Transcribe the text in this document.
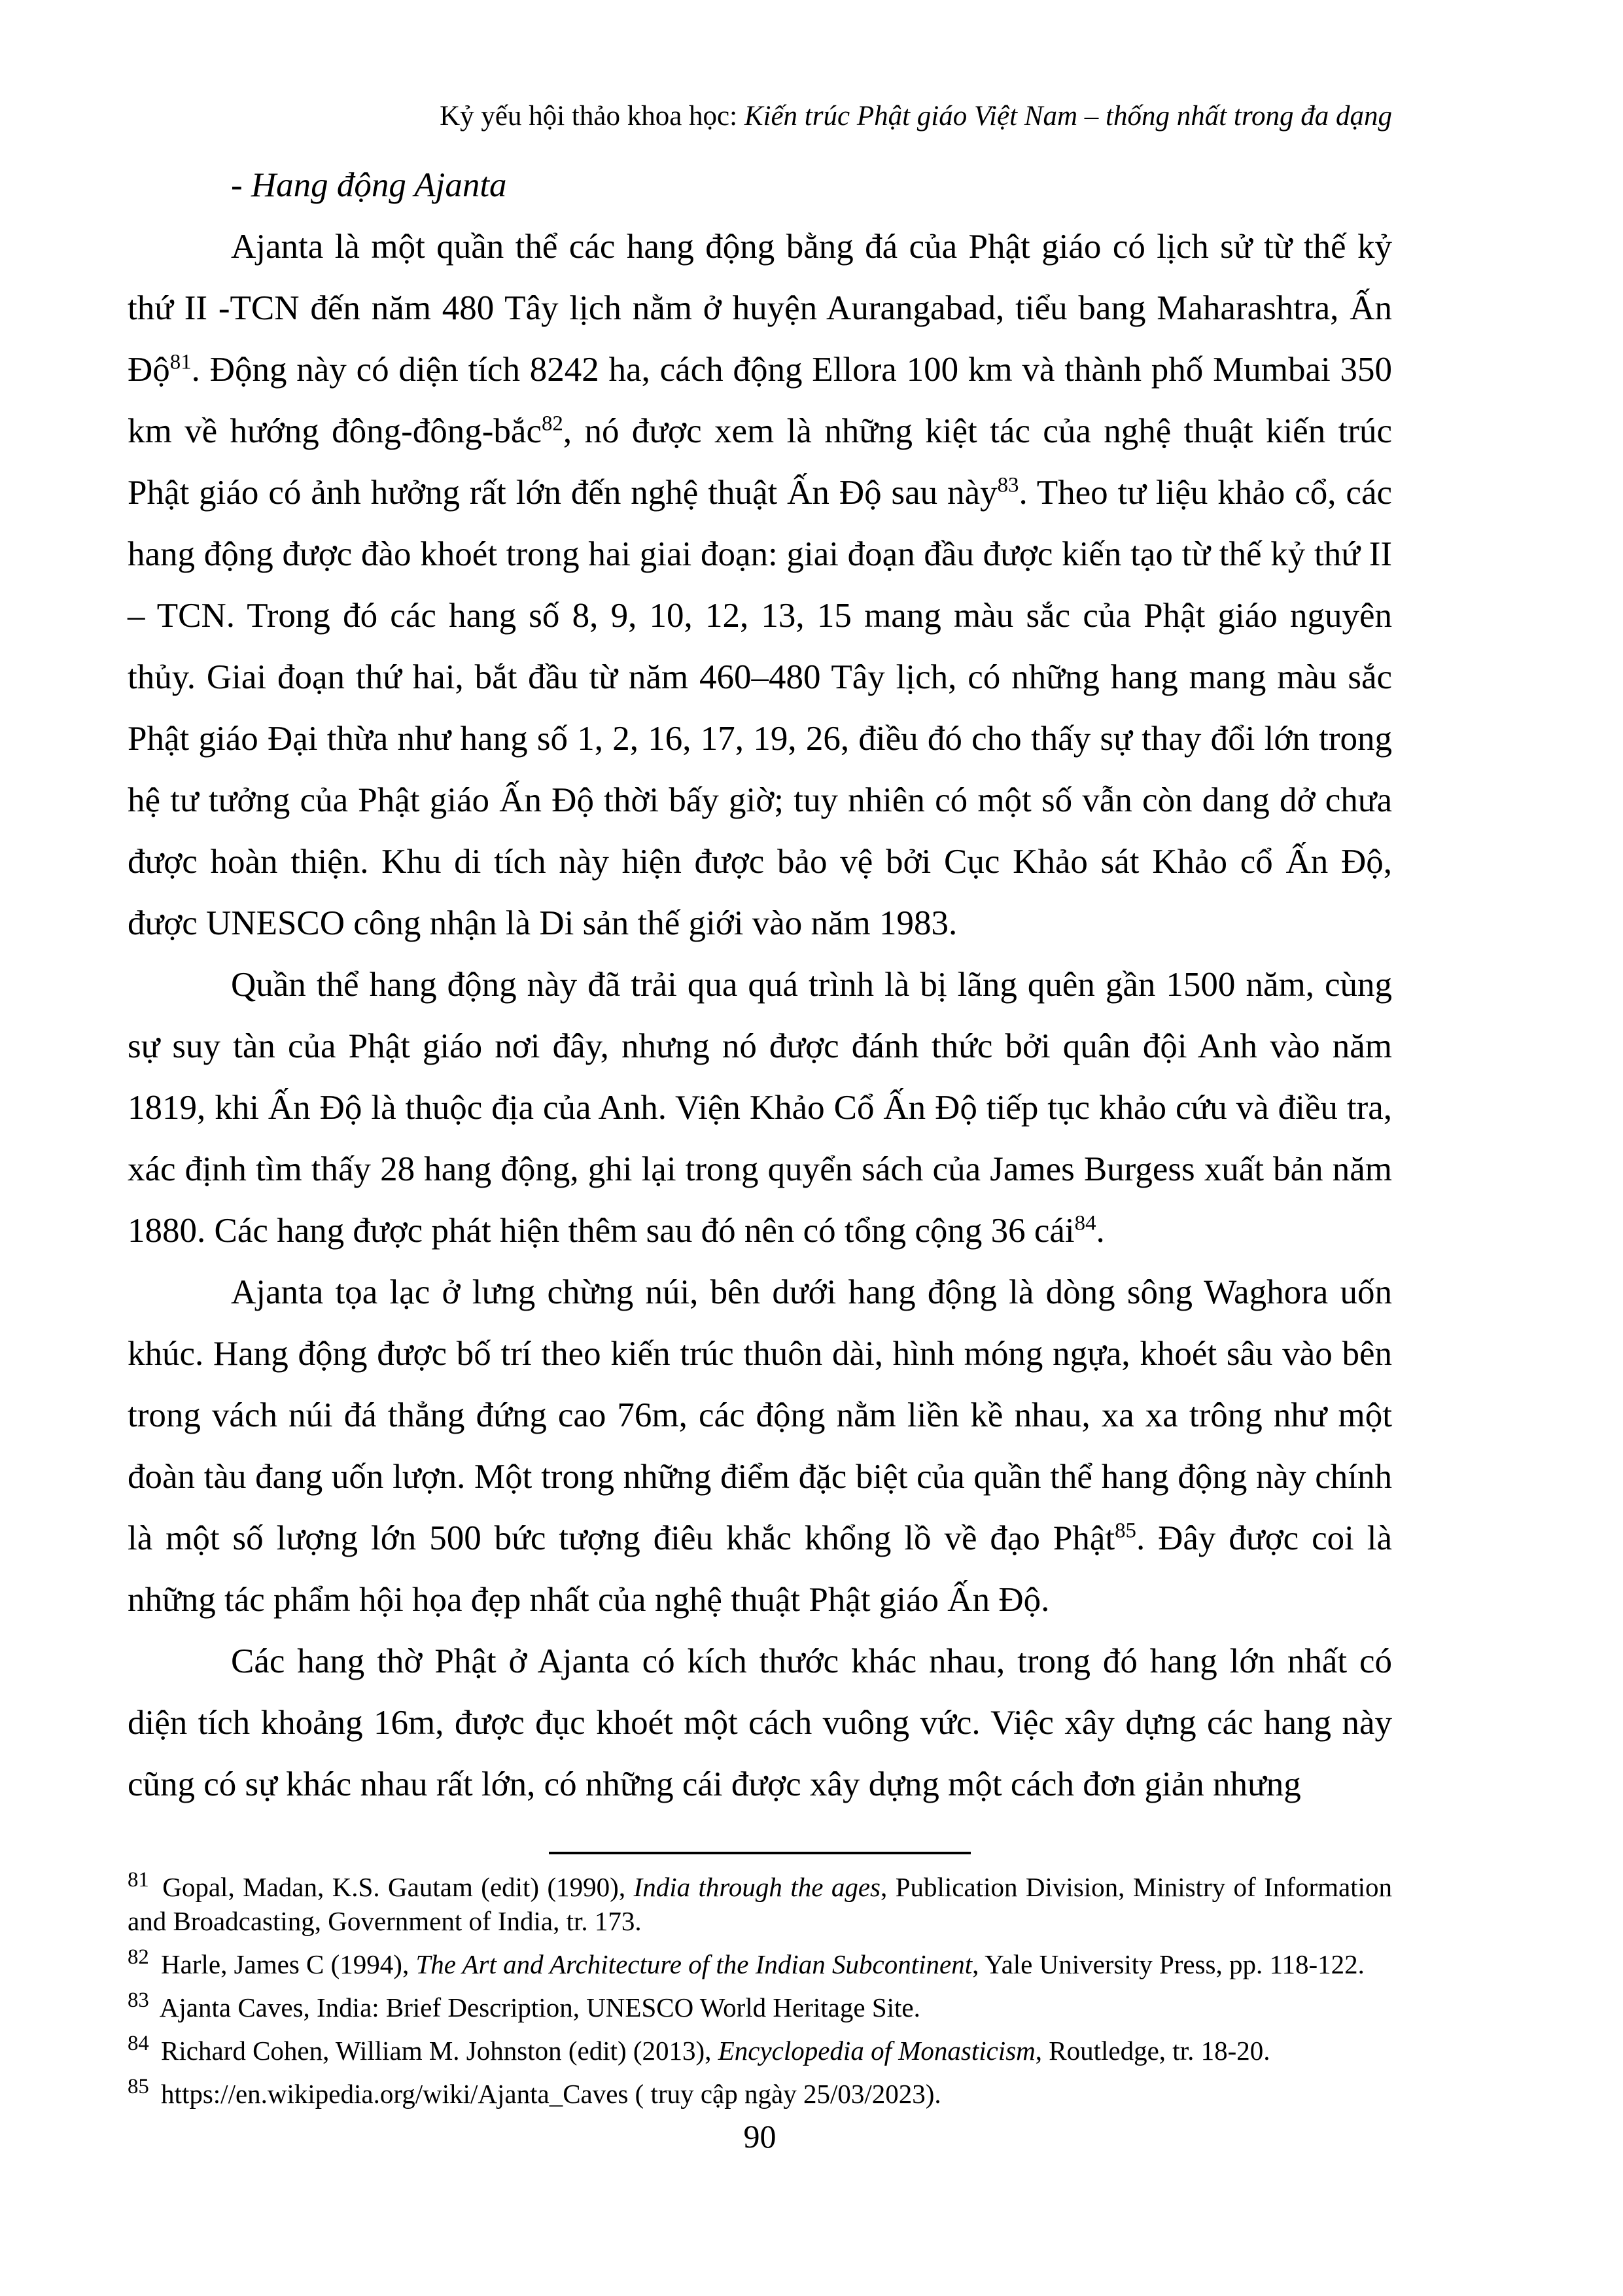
Kỷ yếu hội thảo khoa học: Kiến trúc Phật giáo Việt Nam – thống nhất trong đa dạng

- Hang động Ajanta

Ajanta là một quần thể các hang động bằng đá của Phật giáo có lịch sử từ thế kỷ thứ II -TCN đến năm 480 Tây lịch nằm ở huyện Aurangabad, tiểu bang Maharashtra, Ấn Độ$^{81}$. Động này có diện tích 8242 ha, cách động Ellora 100 km và thành phố Mumbai 350 km về hướng đông-đông-bắc$^{82}$, nó được xem là những kiệt tác của nghệ thuật kiến trúc Phật giáo có ảnh hưởng rất lớn đến nghệ thuật Ấn Độ sau này$^{83}$. Theo tư liệu khảo cổ, các hang động được đào khoét trong hai giai đoạn: giai đoạn đầu được kiến tạo từ thế kỷ thứ II – TCN. Trong đó các hang số 8, 9, 10, 12, 13, 15 mang màu sắc của Phật giáo nguyên thủy. Giai đoạn thứ hai, bắt đầu từ năm 460–480 Tây lịch, có những hang mang màu sắc Phật giáo Đại thừa như hang số 1, 2, 16, 17, 19, 26, điều đó cho thấy sự thay đổi lớn trong hệ tư tưởng của Phật giáo Ấn Độ thời bấy giờ; tuy nhiên có một số vẫn còn dang dở chưa được hoàn thiện. Khu di tích này hiện được bảo vệ bởi Cục Khảo sát Khảo cổ Ấn Độ, được UNESCO công nhận là Di sản thế giới vào năm 1983.

Quần thể hang động này đã trải qua quá trình là bị lãng quên gần 1500 năm, cùng sự suy tàn của Phật giáo nơi đây, nhưng nó được đánh thức bởi quân đội Anh vào năm 1819, khi Ấn Độ là thuộc địa của Anh. Viện Khảo Cổ Ấn Độ tiếp tục khảo cứu và điều tra, xác định tìm thấy 28 hang động, ghi lại trong quyển sách của James Burgess xuất bản năm 1880. Các hang được phát hiện thêm sau đó nên có tổng cộng 36 cái$^{84}$.

Ajanta tọa lạc ở lưng chừng núi, bên dưới hang động là dòng sông Waghora uốn khúc. Hang động được bố trí theo kiến trúc thuôn dài, hình móng ngựa, khoét sâu vào bên trong vách núi đá thẳng đứng cao 76m, các động nằm liền kề nhau, xa xa trông như một đoàn tàu đang uốn lượn. Một trong những điểm đặc biệt của quần thể hang động này chính là một số lượng lớn 500 bức tượng điêu khắc khổng lồ về đạo Phật$^{85}$. Đây được coi là những tác phẩm hội họa đẹp nhất của nghệ thuật Phật giáo Ấn Độ.

Các hang thờ Phật ở Ajanta có kích thước khác nhau, trong đó hang lớn nhất có diện tích khoảng 16m, được đục khoét một cách vuông vức. Việc xây dựng các hang này cũng có sự khác nhau rất lớn, có những cái được xây dựng một cách đơn giản nhưng

$^{81}$ Gopal, Madan, K.S. Gautam (edit) (1990), India through the ages, Publication Division, Ministry of Information and Broadcasting, Government of India, tr. 173.
$^{82}$ Harle, James C (1994), The Art and Architecture of the Indian Subcontinent, Yale University Press, pp. 118-122.
$^{83}$ Ajanta Caves, India: Brief Description, UNESCO World Heritage Site.
$^{84}$ Richard Cohen, William M. Johnston (edit) (2013), Encyclopedia of Monasticism, Routledge, tr. 18-20.
$^{85}$ https://en.wikipedia.org/wiki/Ajanta_Caves ( truy cập ngày 25/03/2023).
90
